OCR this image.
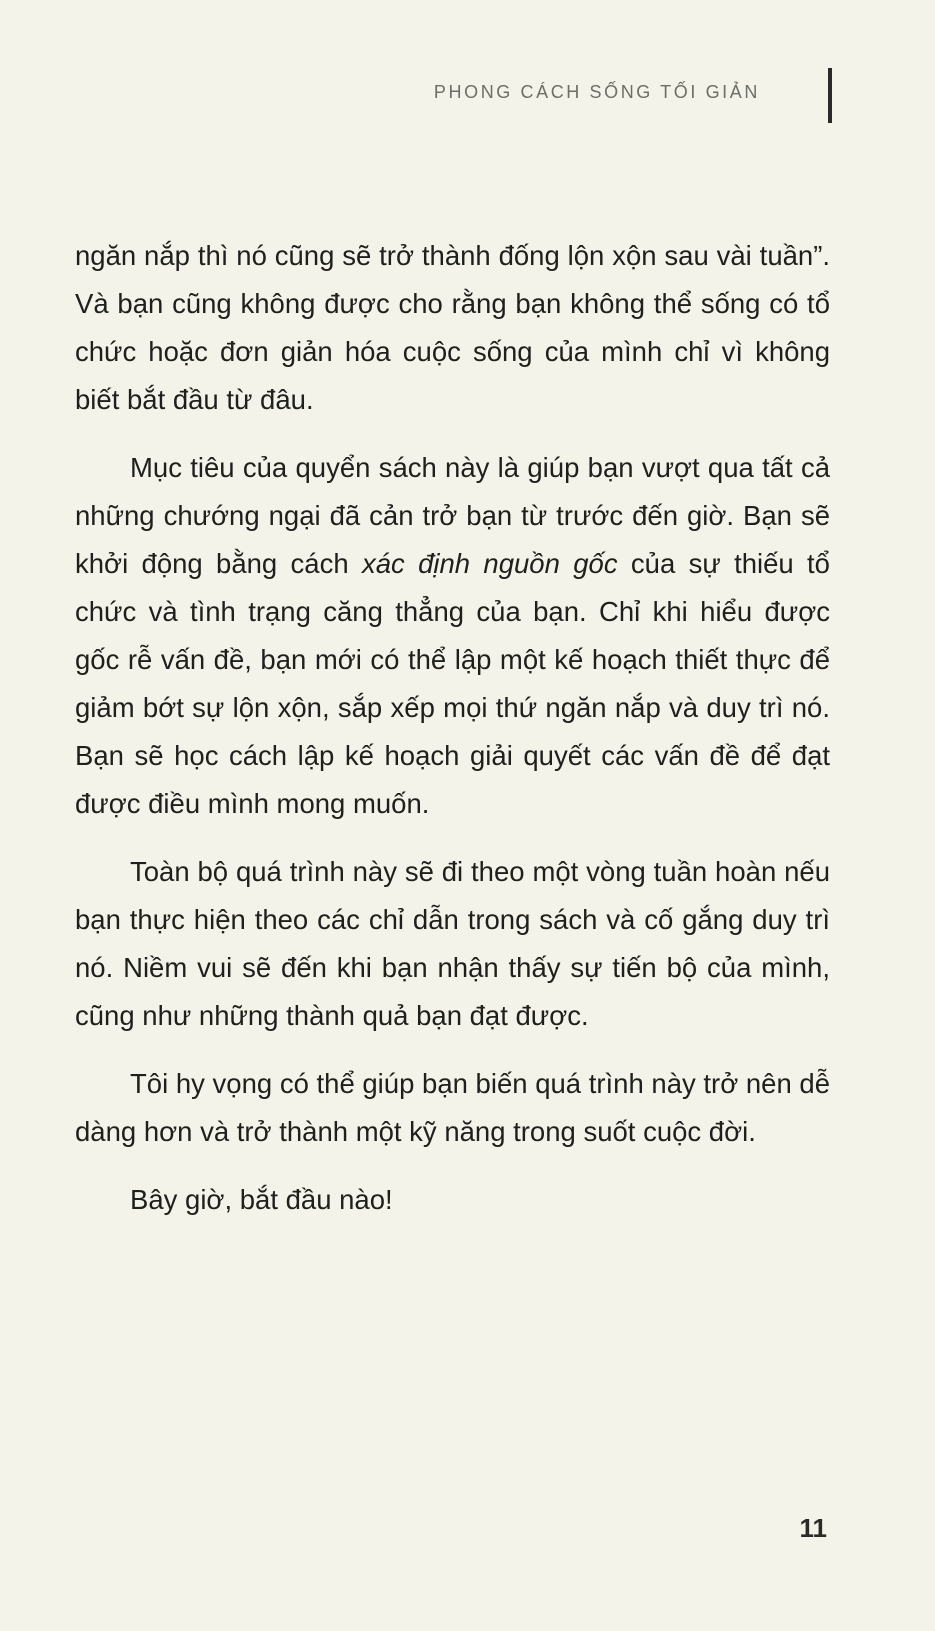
PHONG CÁCH SỐNG TỐI GIẢN

ngăn nắp thì nó cũng sẽ trở thành đống lộn xộn sau vài tuần”. Và bạn cũng không được cho rằng bạn không thể sống có tổ chức hoặc đơn giản hóa cuộc sống của mình chỉ vì không biết bắt đầu từ đâu.

Mục tiêu của quyển sách này là giúp bạn vượt qua tất cả những chướng ngại đã cản trở bạn từ trước đến giờ. Bạn sẽ khởi động bằng cách xác định nguồn gốc của sự thiếu tổ chức và tình trạng căng thẳng của bạn. Chỉ khi hiểu được gốc rễ vấn đề, bạn mới có thể lập một kế hoạch thiết thực để giảm bớt sự lộn xộn, sắp xếp mọi thứ ngăn nắp và duy trì nó. Bạn sẽ học cách lập kế hoạch giải quyết các vấn đề để đạt được điều mình mong muốn.

Toàn bộ quá trình này sẽ đi theo một vòng tuần hoàn nếu bạn thực hiện theo các chỉ dẫn trong sách và cố gắng duy trì nó. Niềm vui sẽ đến khi bạn nhận thấy sự tiến bộ của mình, cũng như những thành quả bạn đạt được.

Tôi hy vọng có thể giúp bạn biến quá trình này trở nên dễ dàng hơn và trở thành một kỹ năng trong suốt cuộc đời.

Bây giờ, bắt đầu nào!

11
